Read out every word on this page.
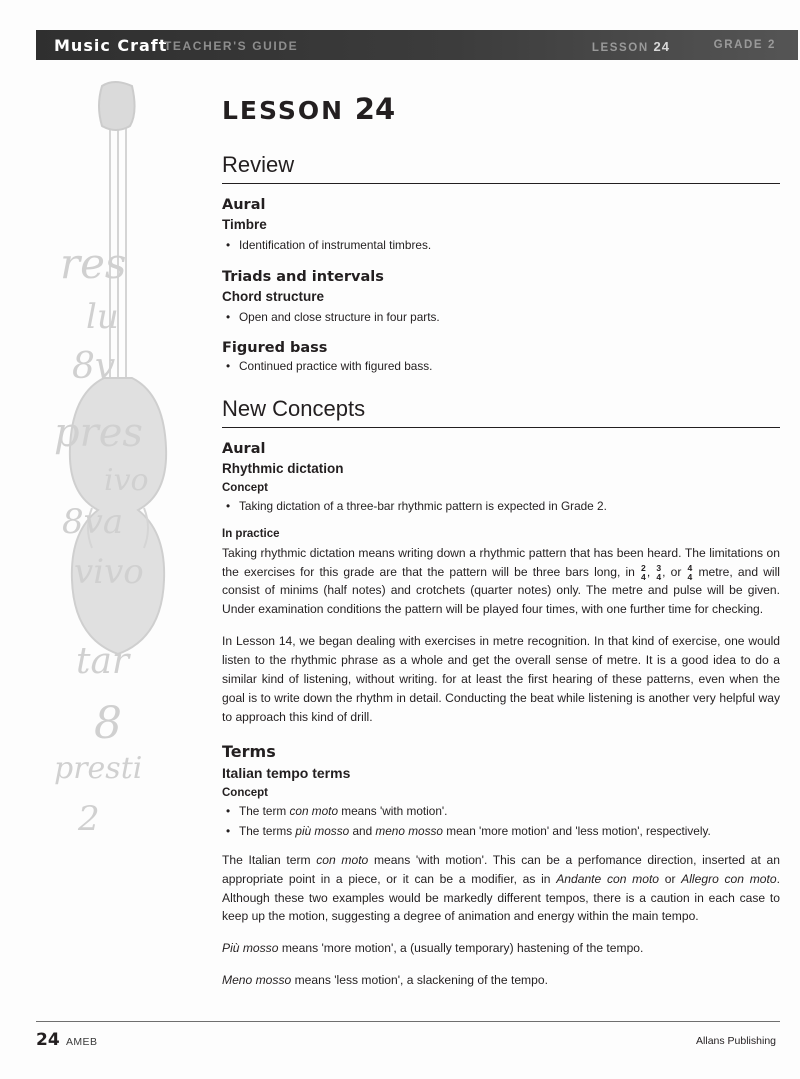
Music Craft
TEACHER'S GUIDE	LESSON 24	GRADE 2
res
lu
8v
pres
ivo
8va
vivo
tar
8
presti
2
LESSON 24
Review
Aural
Timbre
• Identification of instrumental timbres.
Triads and intervals
Chord structure
• Open and close structure in four parts.
Figured bass
• Continued practice with figured bass.
New Concepts
Aural
Rhythmic dictation
Concept
• Taking dictation of a three-bar rhythmic pattern is expected in Grade 2.
In practice

Taking rhythmic dictation means writing down a rhythmic pattern that has been heard. The limitations on the exercises for this grade are that the pattern will be three bars long, in 2
4 , 3
4 , or 4
4 metre, and will consist of minims (half notes) and crotchets (quarter notes) only. The metre and pulse will be given. Under examination conditions the pattern will be played four times, with one further time for checking.

In Lesson 14, we began dealing with exercises in metre recognition. In that kind of exercise, one would listen to the rhythmic phrase as a whole and get the overall sense of metre. It is a good idea to do a similar kind of listening, without writing. for at least the first hearing of these patterns, even when the goal is to write down the rhythm in detail. Conducting the beat while listening is another very helpful way to approach this kind of drill.

Terms
Italian tempo terms
Concept
• The term con moto means 'with motion'.
• The terms più mosso and meno mosso mean 'more motion' and 'less motion', respectively.

The Italian term con moto means 'with motion'. This can be a perfomance direction, inserted at an appropriate point in a piece, or it can be a modifier, as in Andante con moto or Allegro con moto. Although these two examples would be markedly different tempos, there is a caution in each case to keep up the motion, suggesting a degree of animation and energy within the main tempo.

Più mosso means 'more motion', a (usually temporary) hastening of the tempo.

Meno mosso means 'less motion', a slackening of the tempo.

24 AMEB	Allans Publishing
